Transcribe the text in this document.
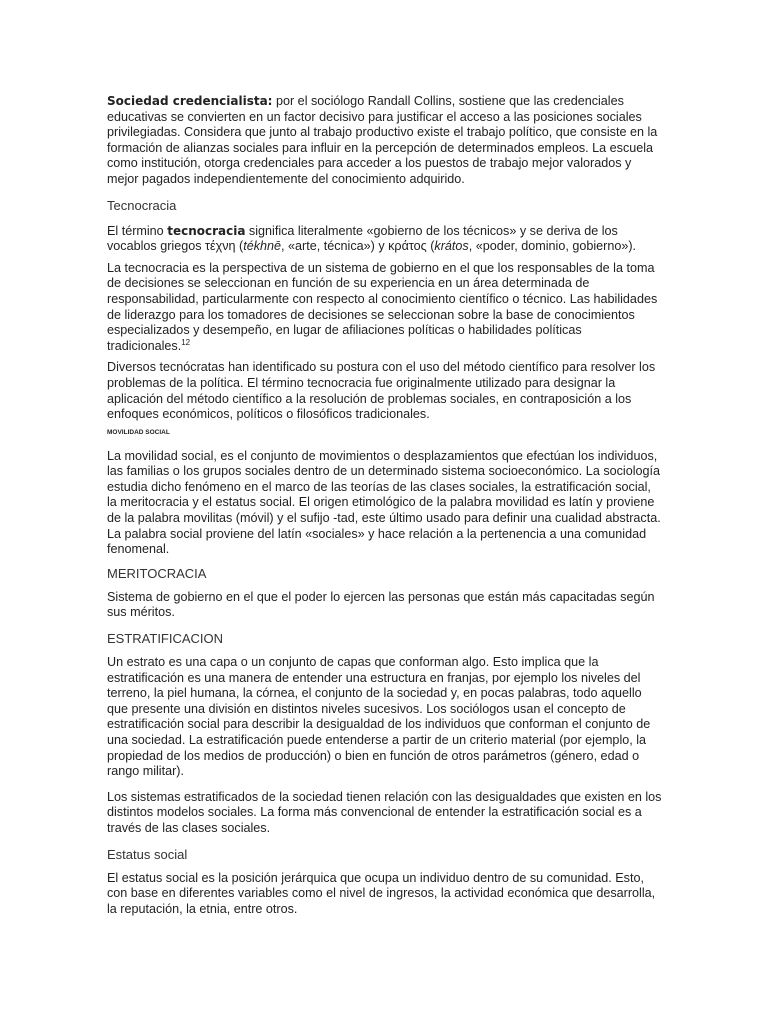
Sociedad credencialista: por el sociólogo Randall Collins, sostiene que las credenciales educativas se convierten en un factor decisivo para justificar el acceso a las posiciones sociales privilegiadas. Considera que junto al trabajo productivo existe el trabajo político, que consiste en la formación de alianzas sociales para influir en la percepción de determinados empleos. La escuela como institución, otorga credenciales para acceder a los puestos de trabajo mejor valorados y mejor pagados independientemente del conocimiento adquirido.

Tecnocracia

El término tecnocracia significa literalmente «gobierno de los técnicos» y se deriva de los vocablos griegos τέχνη (tékhnē, «arte, técnica») y κράτος (krátos, «poder, dominio, gobierno»).

La tecnocracia es la perspectiva de un sistema de gobierno en el que los responsables de la toma de decisiones se seleccionan en función de su experiencia en un área determinada de responsabilidad, particularmente con respecto al conocimiento científico o técnico. Las habilidades de liderazgo para los tomadores de decisiones se seleccionan sobre la base de conocimientos especializados y desempeño, en lugar de afiliaciones políticas o habilidades políticas tradicionales.$^{12}$

Diversos tecnócratas han identificado su postura con el uso del método científico para resolver los problemas de la política. El término tecnocracia fue originalmente utilizado para designar la aplicación del método científico a la resolución de problemas sociales, en contraposición a los enfoques económicos, políticos o filosóficos tradicionales.

MOVILIDAD SOCIAL

La movilidad social, es el conjunto de movimientos o desplazamientos que efectúan los individuos, las familias o los grupos sociales dentro de un determinado sistema socioeconómico. La sociología estudia dicho fenómeno en el marco de las teorías de las clases sociales, la estratificación social, la meritocracia y el estatus social. El origen etimológico de la palabra movilidad es latín y proviene de la palabra movilitas (móvil) y el sufijo -tad, este último usado para definir una cualidad abstracta. La palabra social proviene del latín «sociales» y hace relación a la pertenencia a una comunidad fenomenal.

MERITOCRACIA

Sistema de gobierno en el que el poder lo ejercen las personas que están más capacitadas según sus méritos.

ESTRATIFICACION

Un estrato es una capa o un conjunto de capas que conforman algo. Esto implica que la estratificación es una manera de entender una estructura en franjas, por ejemplo los niveles del terreno, la piel humana, la córnea, el conjunto de la sociedad y, en pocas palabras, todo aquello que presente una división en distintos niveles sucesivos. Los sociólogos usan el concepto de estratificación social para describir la desigualdad de los individuos que conforman el conjunto de una sociedad. La estratificación puede entenderse a partir de un criterio material (por ejemplo, la propiedad de los medios de producción) o bien en función de otros parámetros (género, edad o rango militar).

Los sistemas estratificados de la sociedad tienen relación con las desigualdades que existen en los distintos modelos sociales. La forma más convencional de entender la estratificación social es a través de las clases sociales.

Estatus social

El estatus social es la posición jerárquica que ocupa un individuo dentro de su comunidad. Esto, con base en diferentes variables como el nivel de ingresos, la actividad económica que desarrolla, la reputación, la etnia, entre otros.
